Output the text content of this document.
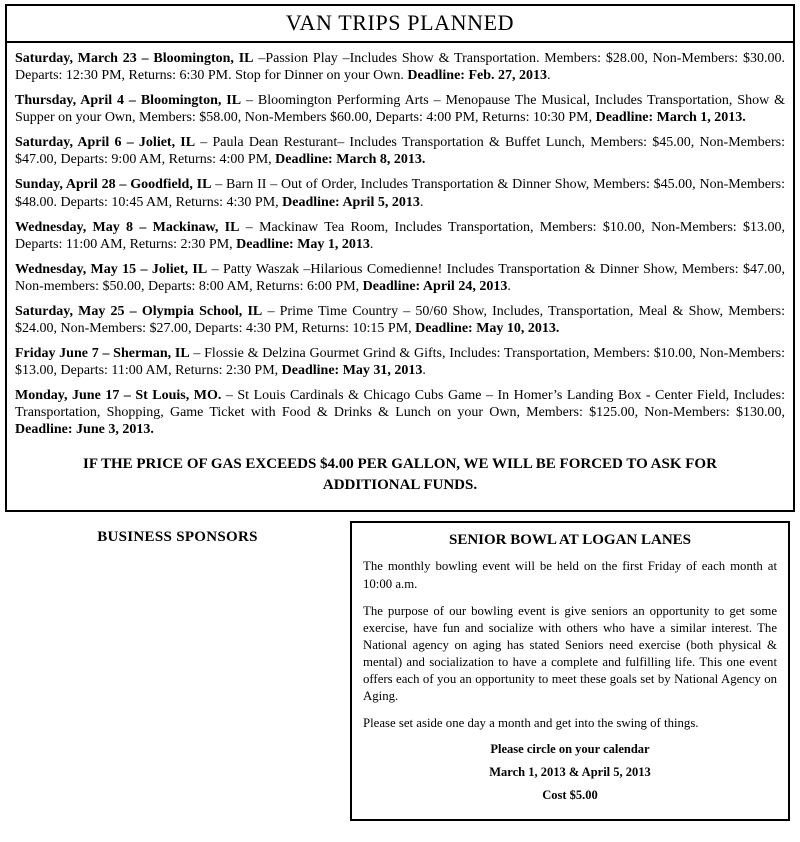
VAN TRIPS PLANNED

Saturday, March 23 – Bloomington, IL –Passion Play –Includes Show & Transportation. Members: $28.00, Non-Members: $30.00. Departs: 12:30 PM, Returns: 6:30 PM. Stop for Dinner on your Own. Deadline: Feb. 27, 2013.

Thursday, April 4 – Bloomington, IL – Bloomington Performing Arts – Menopause The Musical, Includes Transportation, Show & Supper on your Own, Members: $58.00, Non-Members $60.00, Departs: 4:00 PM, Returns: 10:30 PM, Deadline: March 1, 2013.

Saturday, April 6 – Joliet, IL – Paula Dean Resturant– Includes Transportation & Buffet Lunch, Members: $45.00, Non-Members: $47.00, Departs: 9:00 AM, Returns: 4:00 PM, Deadline: March 8, 2013.

Sunday, April 28 – Goodfield, IL – Barn II – Out of Order, Includes Transportation & Dinner Show, Members: $45.00, Non-Members: $48.00. Departs: 10:45 AM, Returns: 4:30 PM, Deadline: April 5, 2013.

Wednesday, May 8 – Mackinaw, IL – Mackinaw Tea Room, Includes Transportation, Members: $10.00, Non-Members: $13.00, Departs: 11:00 AM, Returns: 2:30 PM, Deadline: May 1, 2013.

Wednesday, May 15 – Joliet, IL – Patty Waszak –Hilarious Comedienne! Includes Transportation & Dinner Show, Members: $47.00, Non-members: $50.00, Departs: 8:00 AM, Returns: 6:00 PM, Deadline: April 24, 2013.

Saturday, May 25 – Olympia School, IL – Prime Time Country – 50/60 Show, Includes, Transportation, Meal & Show, Members: $24.00, Non-Members: $27.00, Departs: 4:30 PM, Returns: 10:15 PM, Deadline: May 10, 2013.

Friday June 7 – Sherman, IL – Flossie & Delzina Gourmet Grind & Gifts, Includes: Transportation, Members: $10.00, Non-Members: $13.00, Departs: 11:00 AM, Returns: 2:30 PM, Deadline: May 31, 2013.

Monday, June 17 – St Louis, MO. – St Louis Cardinals & Chicago Cubs Game – In Homer’s Landing Box - Center Field, Includes: Transportation, Shopping, Game Ticket with Food & Drinks & Lunch on your Own, Members: $125.00, Non-Members: $130.00, Deadline: June 3, 2013.

IF THE PRICE OF GAS EXCEEDS $4.00 PER GALLON, WE WILL BE FORCED TO ASK FOR ADDITIONAL FUNDS.
BUSINESS SPONSORS	SENIOR BOWL AT LOGAN LANES

The monthly bowling event will be held on the first Friday of each month at 10:00 a.m.

The purpose of our bowling event is give seniors an opportunity to get some exercise, have fun and socialize with others who have a similar interest. The National agency on aging has stated Seniors need exercise (both physical & mental) and socialization to have a complete and fulfilling life. This one event offers each of you an opportunity to meet these goals set by National Agency on Aging.

Please set aside one day a month and get into the swing of things.

Please circle on your calendar
March 1, 2013 & April 5, 2013
Cost $5.00
